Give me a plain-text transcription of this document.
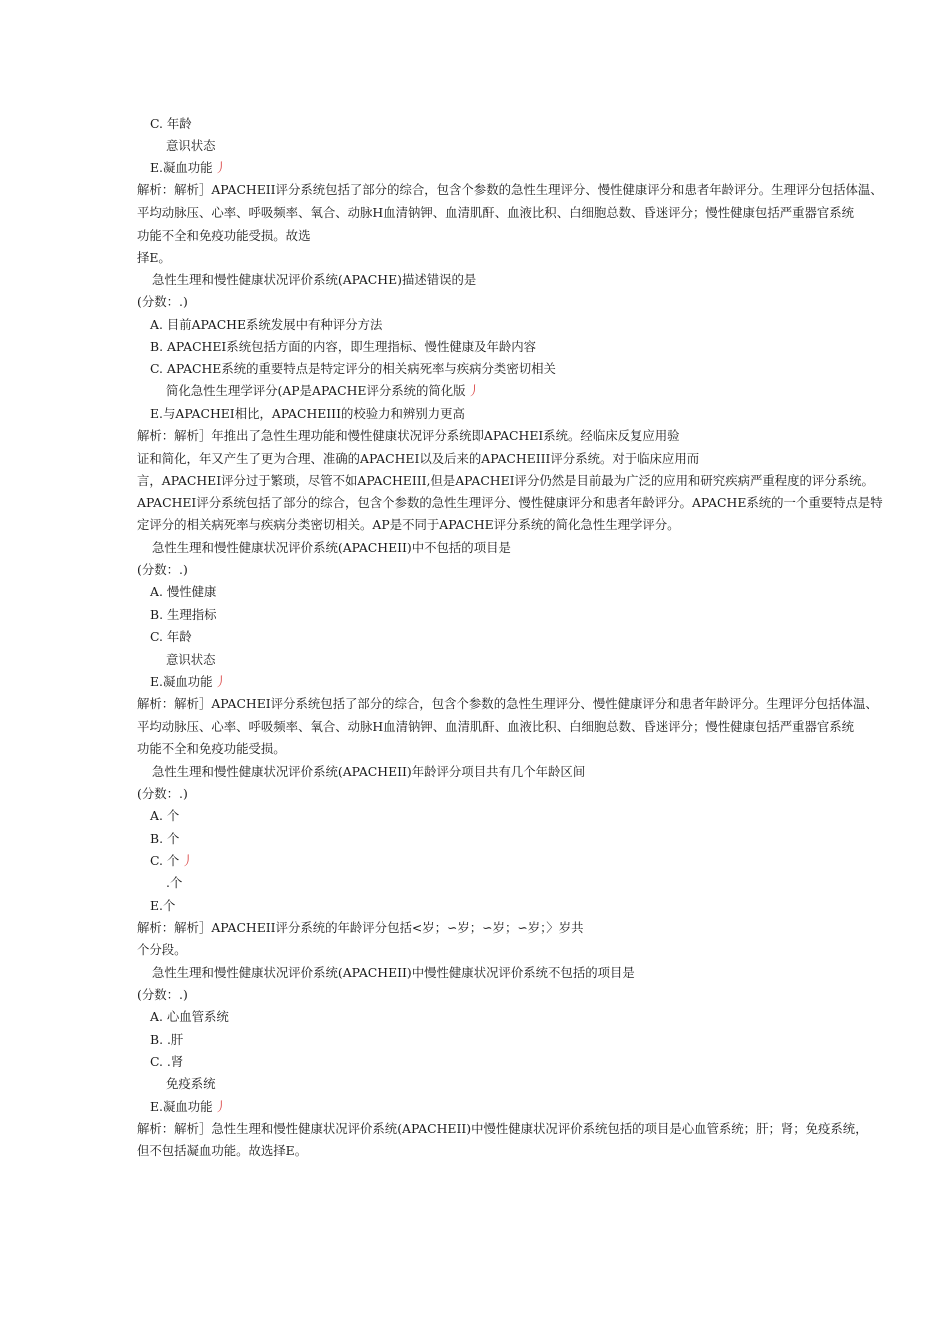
C. 年龄
意识状态
E.凝血功能 丿
解析：解析］APACHEII评分系统包括了部分的综合，包含个参数的急性生理评分、慢性健康评分和患者年龄评分。生理评分包括体温、
平均动脉压、心率、呼吸频率、氧合、动脉H血清钠钾、血清肌酐、血液比积、白细胞总数、昏迷评分；慢性健康包括严重器官系统
功能不全和免疫功能受损。故选
择E。
急性生理和慢性健康状况评价系统(APACHE)描述错误的是
(分数：.)
A. 目前APACHE系统发展中有种评分方法
B. APACHEI系统包括方面的内容，即生理指标、慢性健康及年龄内容
C. APACHE系统的重要特点是特定评分的相关病死率与疾病分类密切相关
简化急性生理学评分(AP是APACHE评分系统的简化版 丿
E.与APACHEI相比，APACHEIII的校验力和辨别力更高
解析：解析］年推出了急性生理功能和慢性健康状况评分系统即APACHEI系统。经临床反复应用验
证和简化，年又产生了更为合理、准确的APACHEI以及后来的APACHEIII评分系统。对于临床应用而
言，APACHEI评分过于繁琐，尽管不如APACHEIII,但是APACHEI评分仍然是目前最为广泛的应用和研究疾病严重程度的评分系统。
APACHEI评分系统包括了部分的综合，包含个参数的急性生理评分、慢性健康评分和患者年龄评分。APACHE系统的一个重要特点是特
定评分的相关病死率与疾病分类密切相关。AP是不同于APACHE评分系统的简化急性生理学评分。
急性生理和慢性健康状况评价系统(APACHEII)中不包括的项目是
(分数：.)
A. 慢性健康
B. 生理指标
C. 年龄
意识状态
E.凝血功能 丿
解析：解析］APACHEI评分系统包括了部分的综合，包含个参数的急性生理评分、慢性健康评分和患者年龄评分。生理评分包括体温、
平均动脉压、心率、呼吸频率、氧合、动脉H血清钠钾、血清肌酐、血液比积、白细胞总数、昏迷评分；慢性健康包括严重器官系统
功能不全和免疫功能受损。
急性生理和慢性健康状况评价系统(APACHEII)年龄评分项目共有几个年龄区间
(分数：.)
A. 个
B. 个
C. 个 丿
.个
E.个
解析：解析］APACHEII评分系统的年龄评分包括<岁；∽岁；∽岁；∽岁；〉岁共
个分段。
急性生理和慢性健康状况评价系统(APACHEII)中慢性健康状况评价系统不包括的项目是
(分数：.)
A. 心血管系统
B. .肝
C. .肾
免疫系统
E.凝血功能 丿
解析：解析］急性生理和慢性健康状况评价系统(APACHEII)中慢性健康状况评价系统包括的项目是心血管系统；肝；肾；免疫系统，
但不包括凝血功能。故选择E。
